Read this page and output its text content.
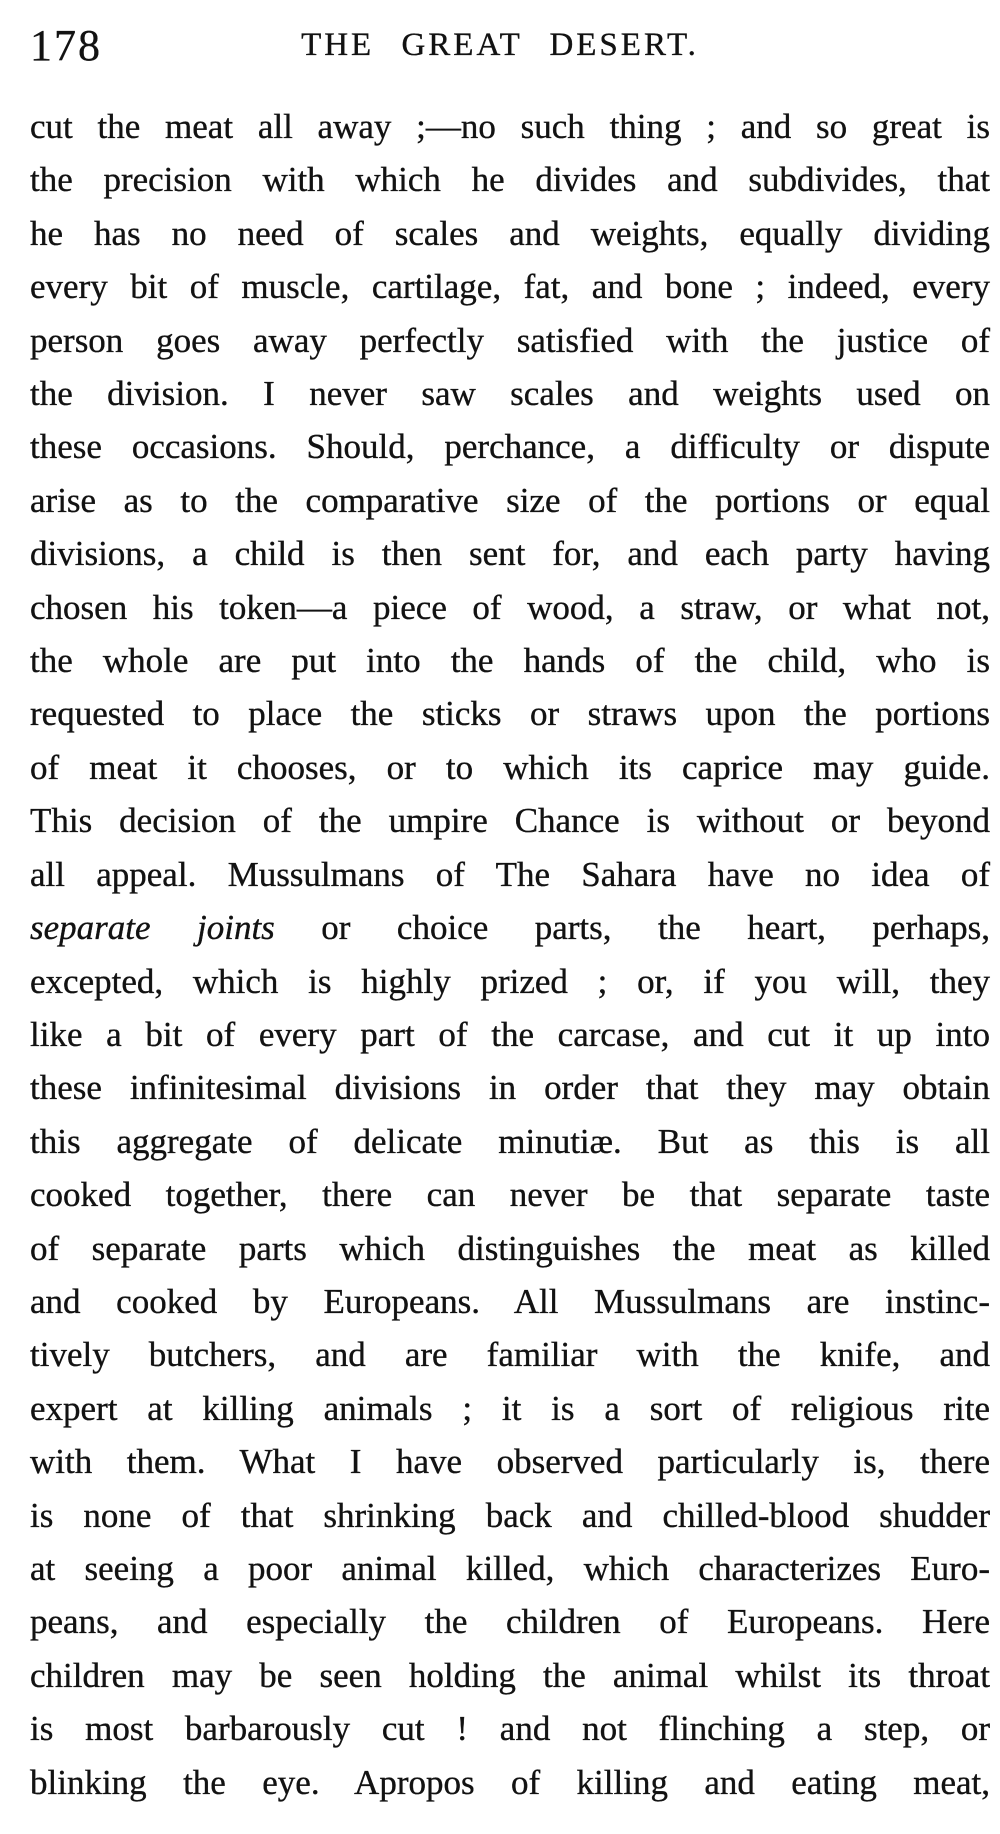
178	THE GREAT DESERT.
cut the meat all away ;—no such thing ; and so great is
the precision with which he divides and subdivides, that
he has no need of scales and weights, equally dividing
every bit of muscle, cartilage, fat, and bone ; indeed, every
person goes away perfectly satisfied with the justice of
the division. I never saw scales and weights used on
these occasions. Should, perchance, a difficulty or dispute
arise as to the comparative size of the portions or equal
divisions, a child is then sent for, and each party having
chosen his token—a piece of wood, a straw, or what not,
the whole are put into the hands of the child, who is
requested to place the sticks or straws upon the portions
of meat it chooses, or to which its caprice may guide.
This decision of the umpire Chance is without or beyond
all appeal. Mussulmans of The Sahara have no idea of
separate joints or choice parts, the heart, perhaps,
excepted, which is highly prized ; or, if you will, they
like a bit of every part of the carcase, and cut it up into
these infinitesimal divisions in order that they may obtain
this aggregate of delicate minutiæ. But as this is all
cooked together, there can never be that separate taste
of separate parts which distinguishes the meat as killed
and cooked by Europeans. All Mussulmans are instinc-
tively butchers, and are familiar with the knife, and
expert at killing animals ; it is a sort of religious rite
with them. What I have observed particularly is, there
is none of that shrinking back and chilled-blood shudder
at seeing a poor animal killed, which characterizes Euro-
peans, and especially the children of Europeans. Here
children may be seen holding the animal whilst its throat
is most barbarously cut ! and not flinching a step, or
blinking the eye. Apropos of killing and eating meat,
